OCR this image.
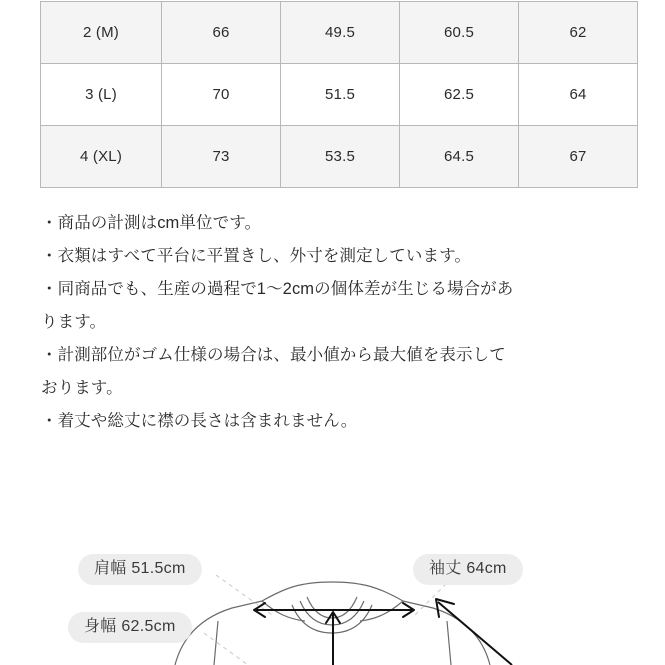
2 (M)	66	49.5	60.5	62
3 (L)	70	51.5	62.5	64
4 (XL)	73	53.5	64.5	67

・商品の計測はcm単位です。

・衣類はすべて平台に平置きし、外寸を測定しています。

・同商品でも、生産の過程で1〜2cmの個体差が生じる場合があ

ります。

・計測部位がゴム仕様の場合は、最小値から最大値を表示して

おります。

・着丈や総丈に襟の長さは含まれません。

肩幅 51.5cm
身幅 62.5cm
袖丈 64cm
